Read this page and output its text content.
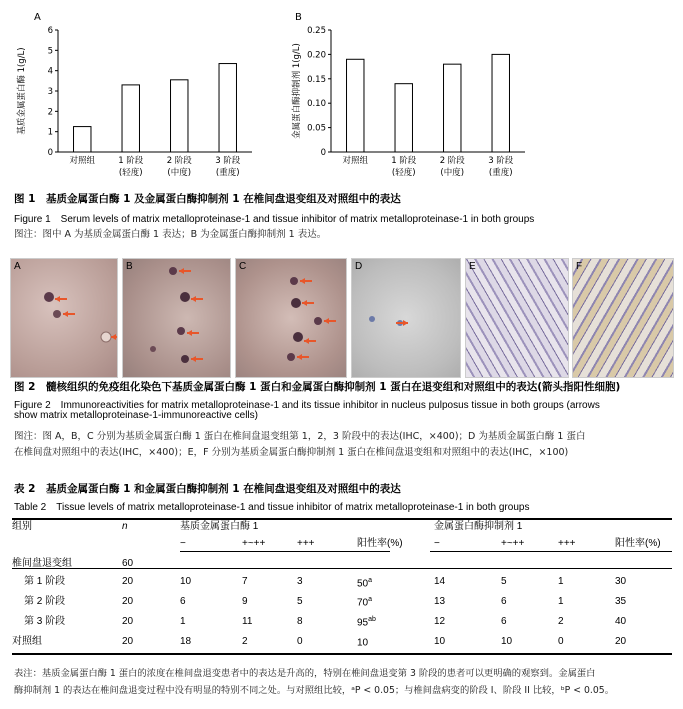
A
基质金属蛋白酶 1(g/L)
0
1
2
3
4
5
6
对照组	1 阶段
(轻度)
2 阶段
(中度)
3 阶段
(重度)
B
金属蛋白酶抑制剂 1(g/L)
0
0.05
0.10
0.15
0.20
0.25
对照组	1 阶段
(轻度)
2 阶段
(中度)
3 阶段
(重度)
图 1　基质金属蛋白酶 1 及金属蛋白酶抑制剂 1 在椎间盘退变组及对照组中的表达
Figure 1　Serum levels of matrix metalloproteinase-1 and tissue inhibitor of matrix metalloproteinase-1 in both groups
图注：图中 A 为基质金属蛋白酶 1 表达；B 为金属蛋白酶抑制剂 1 表达。
A	B	C	D	E	F
图 2　髓核组织的免疫组化染色下基质金属蛋白酶 1 蛋白和金属蛋白酶抑制剂 1 蛋白在退变组和对照组中的表达(箭头指阳性细胞)
Figure 2　Immunoreactivities for matrix metalloproteinase-1 and its tissue inhibitor in nucleus pulposus tissue in both groups (arrows
show matrix metalloproteinase-1-immunoreactive cells)
图注：图 A，B，C 分别为基质金属蛋白酶 1 蛋白在椎间盘退变组第 1，2，3 阶段中的表达(IHC，×400)；D 为基质金属蛋白酶 1 蛋白
在椎间盘对照组中的表达(IHC，×400)；E，F 分别为基质金属蛋白酶抑制剂 1 蛋白在椎间盘退变组和对照组中的表达(IHC，×100)
表 2　基质金属蛋白酶 1 和金属蛋白酶抑制剂 1 在椎间盘退变组及对照组中的表达
Table 2　Tissue levels of matrix metalloproteinase-1 and tissue inhibitor of matrix metalloproteinase-1 in both groups
组别	n	基质金属蛋白酶 1				金属蛋白酶抑制剂 1			
		−	+~++	+++	阳性率(%)	−	+~++	+++	阳性率(%)

椎间盘退变组	60								
第 1 阶段	20	10	7	3	50$^a$	14	5	1	30
第 2 阶段	20	6	9	5	70$^a$	13	6	1	35
第 3 阶段	20	1	11	8	$95^{ab}$	12	6	2	40
对照组	20	18	2	0	10	10	10	0	20
表注：基质金属蛋白酶 1 蛋白的浓度在椎间盘退变患者中的表达是升高的，特别在椎间盘退变第 3 阶段的患者可以更明确的观察到。金属蛋白
酶抑制剂 1 的表达在椎间盘退变过程中没有明显的特别不同之处。与对照组比较，ᵃP < 0.05；与椎间盘病变的阶段 I、阶段 II 比较，ᵇP < 0.05。
